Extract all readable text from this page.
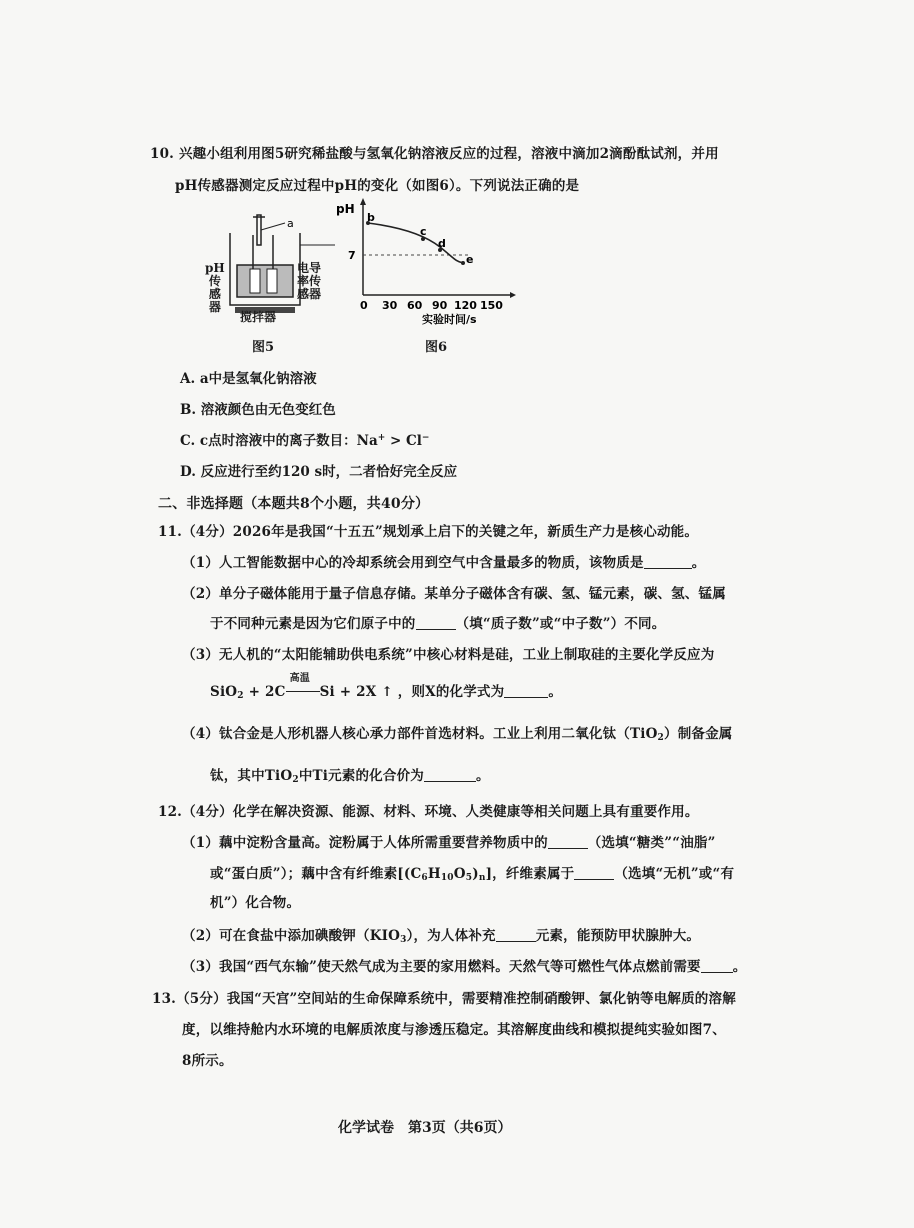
10. 兴趣小组利用图5研究稀盐酸与氢氧化钠溶液反应的过程，溶液中滴加2滴酚酞试剂，并用
pH传感器测定反应过程中pH的变化（如图6）。下列说法正确的是
a
pH
传
感
器
电导
率传
感器
搅拌器
图5
pH
7
b
c
d
e
0 30 60 90 120 150
实验时间/s
图6
A. a中是氢氧化钠溶液
B. 溶液颜色由无色变红色
C. c点时溶液中的离子数目：Na+ > Cl−
D. 反应进行至约120 s时，二者恰好完全反应
二、非选择题（本题共8个小题，共40分）
11.（4分）2026年是我国“十五五”规划承上启下的关键之年，新质生产力是核心动能。
（1）人工智能数据中心的冷却系统会用到空气中含量最多的物质，该物质是	。
（2）单分子磁体能用于量子信息存储。某单分子磁体含有碳、氢、锰元素，碳、氢、锰属
于不同种元素是因为它们原子中的	（填“质子数”或“中子数”）不同。
（3）无人机的“太阳能辅助供电系统”中核心材料是硅，工业上制取硅的主要化学反应为
SiO$_2$ + 2C
高温
Si + 2X ↑ ，则X的化学式为	。
（4）钛合金是人形机器人核心承力部件首选材料。工业上利用二氧化钛（TiO$_2$）制备金属
钛，其中TiO$_2$中Ti元素的化合价为	。
12.（4分）化学在解决资源、能源、材料、环境、人类健康等相关问题上具有重要作用。
（1）藕中淀粉含量高。淀粉属于人体所需重要营养物质中的	（选填“糖类”“油脂”
或“蛋白质”）；藕中含有纤维素$[(C_6H_{10}O_5)_n]$，纤维素属于	（选填“无机”或“有
机”）化合物。
（2）可在食盐中添加碘酸钾$(KIO_3)$，为人体补充	元素，能预防甲状腺肿大。
（3）我国“西气东输”使天然气成为主要的家用燃料。天然气等可燃性气体点燃前需要 。
13.（5分）我国“天宫”空间站的生命保障系统中，需要精准控制硝酸钾、氯化钠等电解质的溶解
度，以维持舱内水环境的电解质浓度与渗透压稳定。其溶解度曲线和模拟提纯实验如图7、
8所示。
化学试卷　第3页（共6页）
